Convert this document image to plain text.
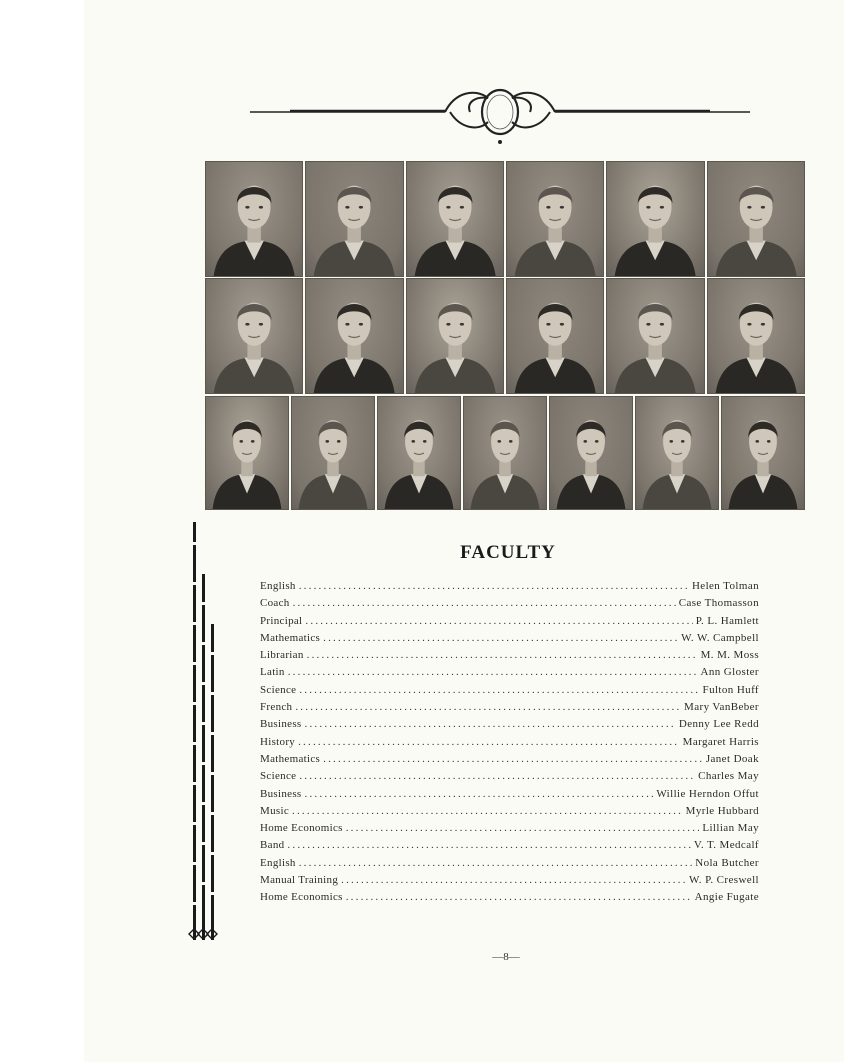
FACULTY
English .....	Helen Tolman
Coach .....	Case Thomasson
Principal .....	P. L. Hamlett
Mathematics .....	W. W. Campbell
Librarian .....	M. M. Moss
Latin .....	Ann Gloster
Science .....	Fulton Huff
French .....	Mary VanBeber
Business .....	Denny Lee Redd
History .....	Margaret Harris
Mathematics .....	Janet Doak
Science .....	Charles May
Business .....	Willie Herndon Offut
Music .....	Myrle Hubbard
Home Economics .....	Lillian May
Band .....	V. T. Medcalf
English .....	Nola Butcher
Manual Training .....	W. P. Creswell
Home Economics .....	Angie Fugate
—8—
